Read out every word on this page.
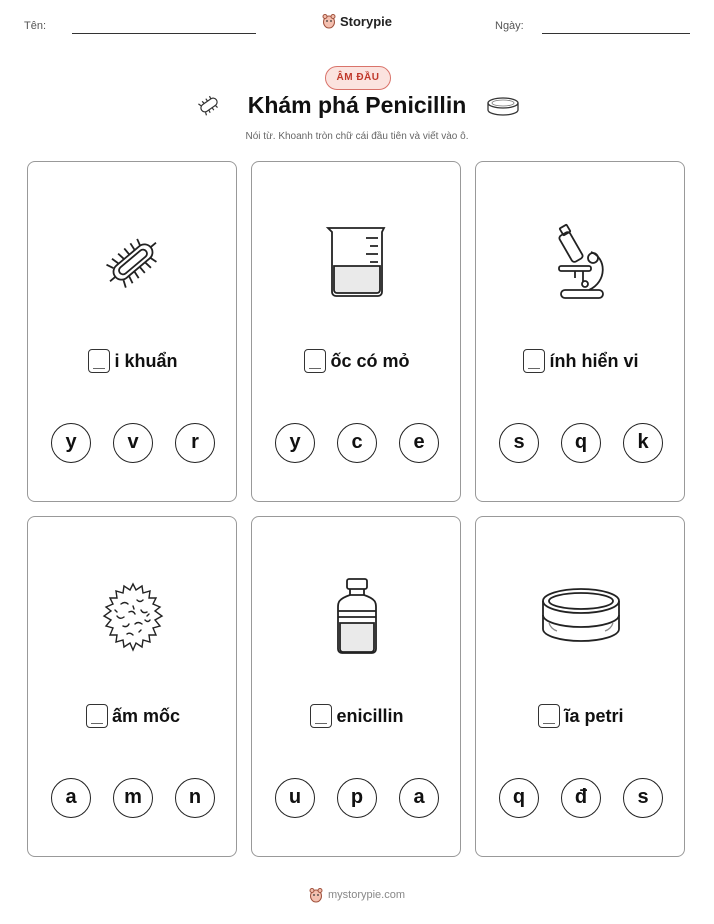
Tên:	Ngày:
Storypie
ÂM ĐẦU
Khám phá Penicillin
Nói từ. Khoanh tròn chữ cái đầu tiên và viết vào ô.
i khuẩn
y	v	r
ốc có mỏ
y	c	e
ính hiển vi
s	q	k
ấm mốc
a	m	n
enicillin
u	p	a
ĩa petri
q	đ	s
mystorypie.com
